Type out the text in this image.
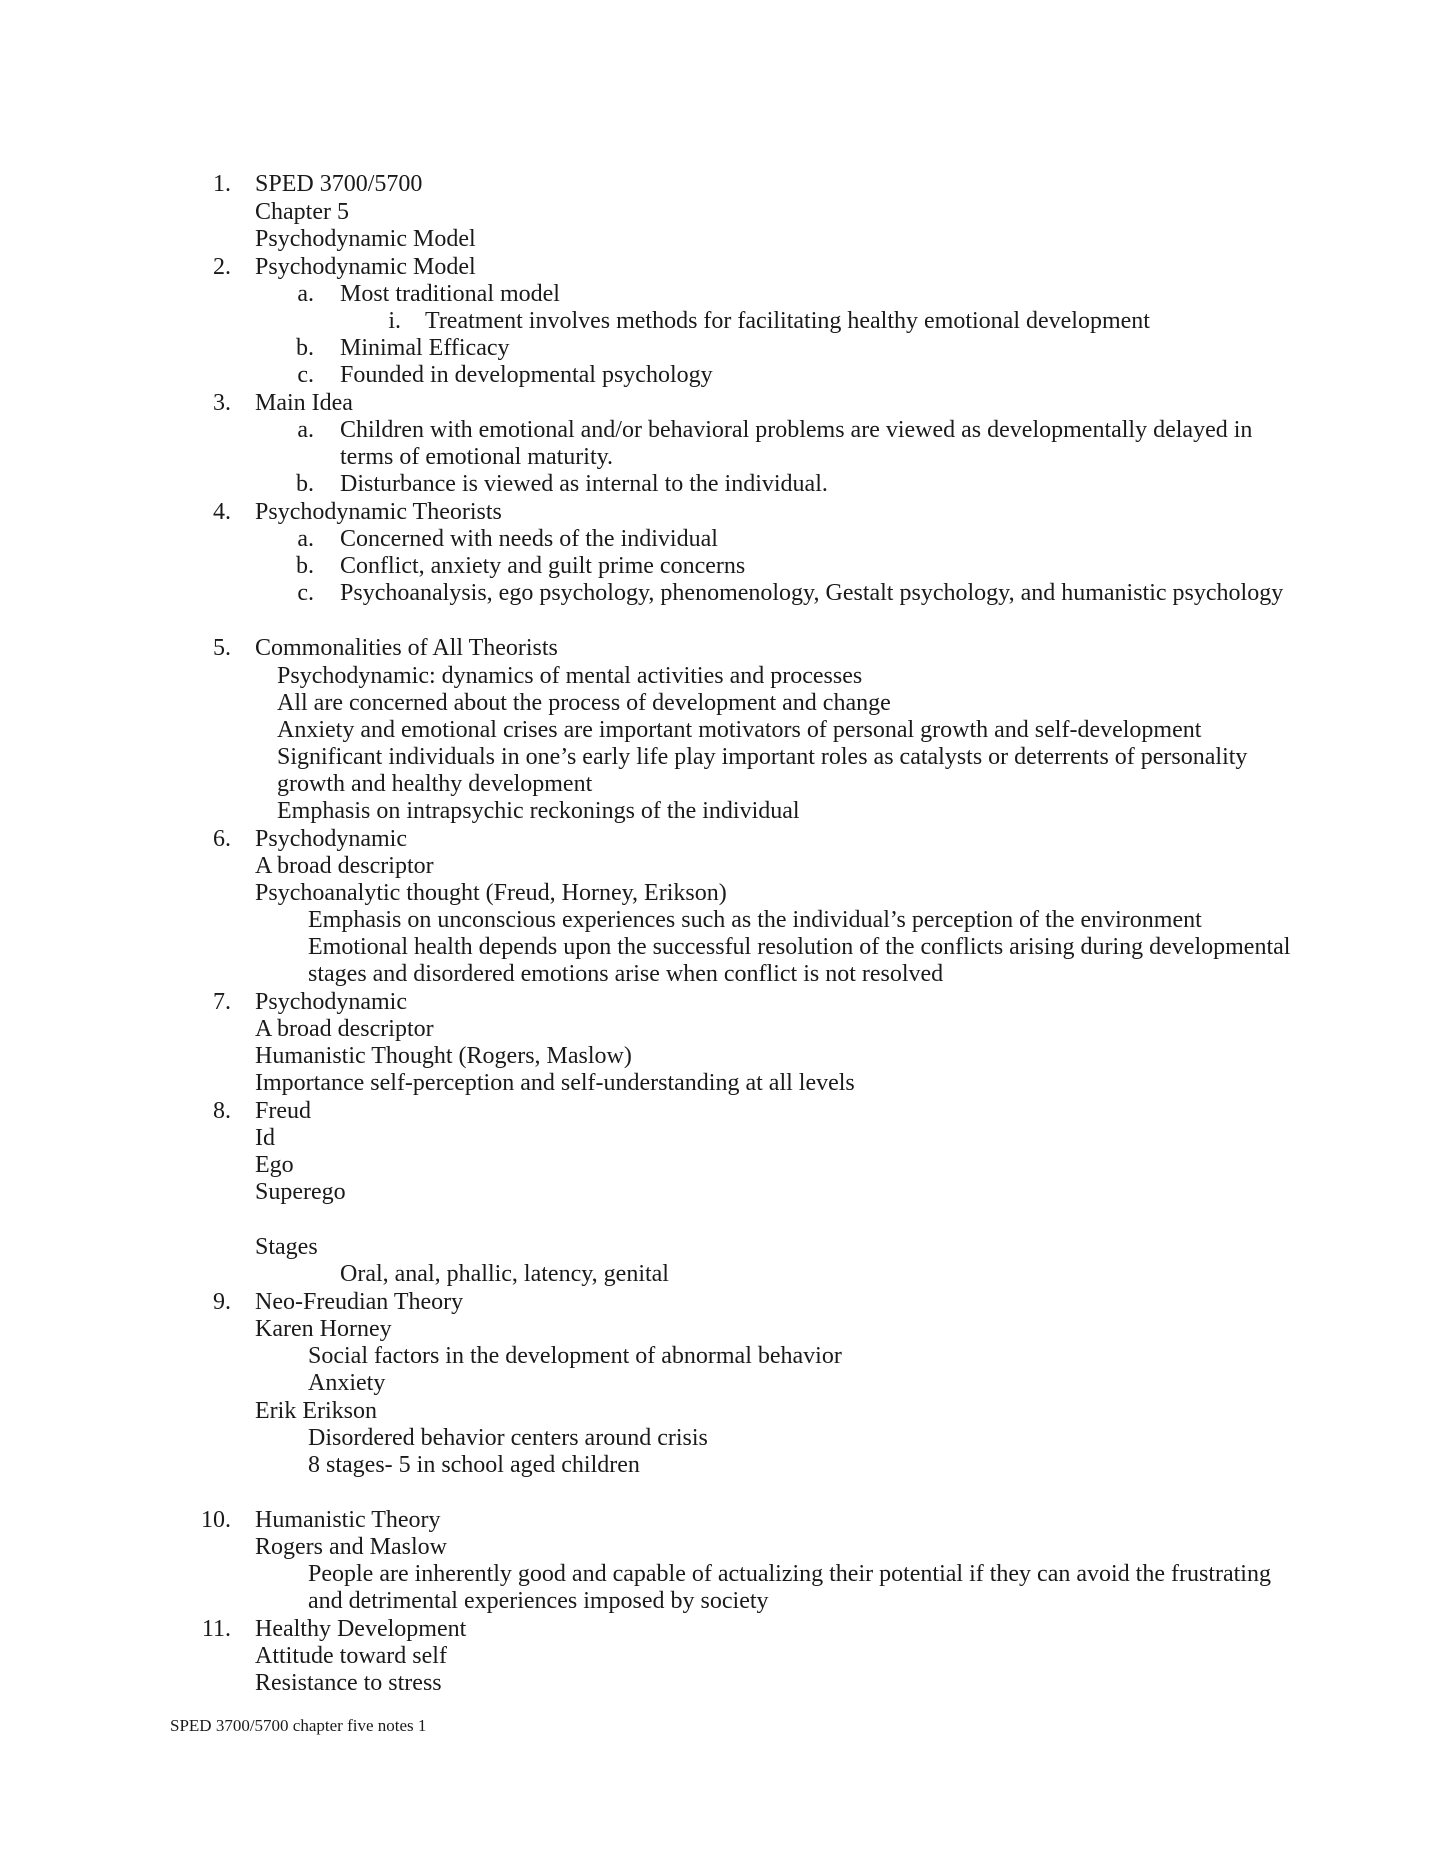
1. SPED 3700/5700
Chapter 5
Psychodynamic Model
2. Psychodynamic Model
a. Most traditional model
i. Treatment involves methods for facilitating healthy emotional development
b. Minimal Efficacy
c. Founded in developmental psychology
3. Main Idea
a. Children with emotional and/or behavioral problems are viewed as developmentally delayed in
terms of emotional maturity.
b. Disturbance is viewed as internal to the individual.
4. Psychodynamic Theorists
a. Concerned with needs of the individual
b. Conflict, anxiety and guilt prime concerns
c. Psychoanalysis, ego psychology, phenomenology, Gestalt psychology, and humanistic psychology
5. Commonalities of All Theorists
Psychodynamic: dynamics of mental activities and processes
All are concerned about the process of development and change
Anxiety and emotional crises are important motivators of personal growth and self-development
Significant individuals in one’s early life play important roles as catalysts or deterrents of personality
growth and healthy development
Emphasis on intrapsychic reckonings of the individual
6. Psychodynamic
A broad descriptor
Psychoanalytic thought (Freud, Horney, Erikson)
Emphasis on unconscious experiences such as the individual’s perception of the environment
Emotional health depends upon the successful resolution of the conflicts arising during developmental
stages and disordered emotions arise when conflict is not resolved
7. Psychodynamic
A broad descriptor
Humanistic Thought (Rogers, Maslow)
Importance self-perception and self-understanding at all levels
8. Freud
Id
Ego
Superego
Stages
Oral, anal, phallic, latency, genital
9. Neo-Freudian Theory
Karen Horney
Social factors in the development of abnormal behavior
Anxiety
Erik Erikson
Disordered behavior centers around crisis
8 stages- 5 in school aged children
10. Humanistic Theory
Rogers and Maslow
People are inherently good and capable of actualizing their potential if they can avoid the frustrating
and detrimental experiences imposed by society
11. Healthy Development
Attitude toward self
Resistance to stress
SPED 3700/5700 chapter five notes 1
